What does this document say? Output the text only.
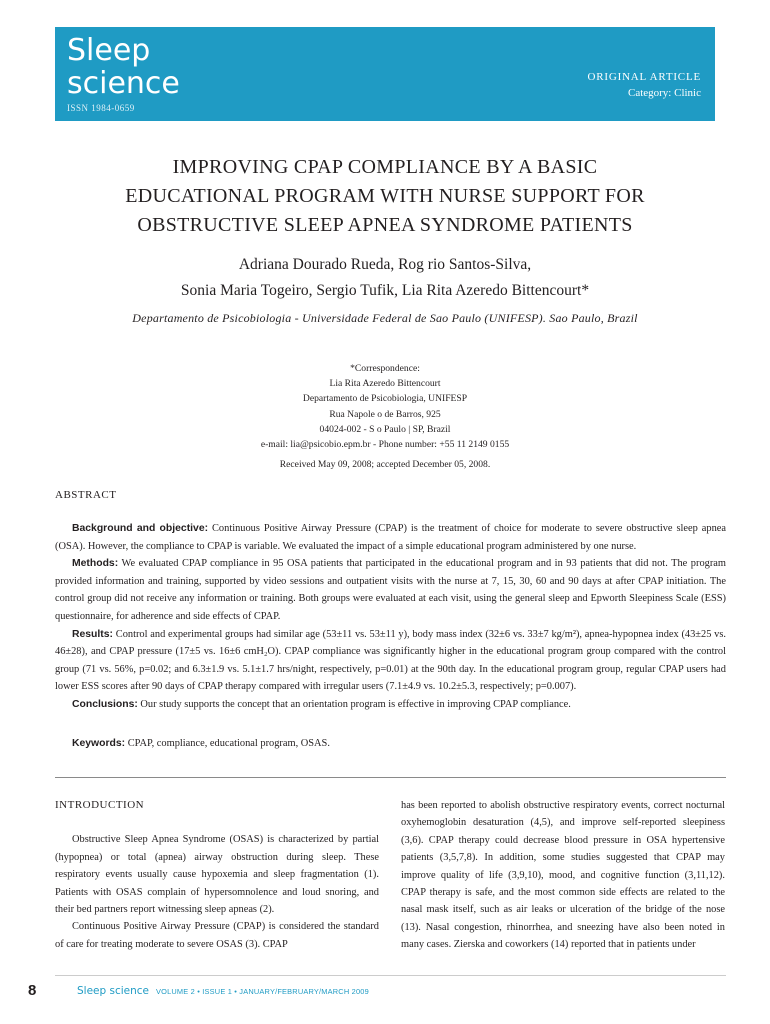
Sleep
science
ISSN 1984-0659
ORIGINAL ARTICLE
Category: Clinic
IMPROVING CPAP COMPLIANCE BY A BASIC
EDUCATIONAL PROGRAM WITH NURSE SUPPORT FOR
OBSTRUCTIVE SLEEP APNEA SYNDROME PATIENTS
Adriana Dourado Rueda, Rog rio Santos-Silva,
Sonia Maria Togeiro, Sergio Tufik, Lia Rita Azeredo Bittencourt*
Departamento de Psicobiologia - Universidade Federal de Sao Paulo (UNIFESP). Sao Paulo, Brazil
*Correspondence:
Lia Rita Azeredo Bittencourt
Departamento de Psicobiologia, UNIFESP
Rua Napole o de Barros, 925
04024-002 - S o Paulo | SP, Brazil
e-mail: lia@psicobio.epm.br - Phone number: +55 11 2149 0155
Received May 09, 2008; accepted December 05, 2008.
ABSTRACT

Background and objective: Continuous Positive Airway Pressure (CPAP) is the treatment of choice for moderate to severe obstructive sleep apnea (OSA). However, the compliance to CPAP is variable. We evaluated the impact of a simple educational program administered by one nurse.

Methods: We evaluated CPAP compliance in 95 OSA patients that participated in the educational program and in 93 patients that did not. The program provided information and training, supported by video sessions and outpatient visits with the nurse at 7, 15, 30, 60 and 90 days at after CPAP initiation. The control group did not receive any information or training. Both groups were evaluated at each visit, using the general sleep and Epworth Sleepiness Scale (ESS) questionnaire, for adherence and side effects of CPAP.

Results: Control and experimental groups had similar age (53±11 vs. 53±11 y), body mass index (32±6 vs. 33±7 kg/m²), apnea-hypopnea index (43±25 vs. 46±28), and CPAP pressure (17±5 vs. 16±6 cmH₂O). CPAP compliance was significantly higher in the educational program group compared with the control group (71 vs. 56%, p=0.02; and 6.3±1.9 vs. 5.1±1.7 hrs/night, respectively, p=0.01) at the 90th day. In the educational program group, regular CPAP users had lower ESS scores after 90 days of CPAP therapy compared with irregular users (7.1±4.9 vs. 10.2±5.3, respectively; p=0.007).

Conclusions: Our study supports the concept that an orientation program is effective in improving CPAP compliance.

Keywords: CPAP, compliance, educational program, OSAS.
INTRODUCTION

Obstructive Sleep Apnea Syndrome (OSAS) is characterized by partial (hypopnea) or total (apnea) airway obstruction during sleep. These respiratory events usually cause hypoxemia and sleep fragmentation (1). Patients with OSAS complain of hypersomnolence and loud snoring, and their bed partners report witnessing sleep apneas (2).

Continuous Positive Airway Pressure (CPAP) is considered the standard of care for treating moderate to severe OSAS (3). CPAP

has been reported to abolish obstructive respiratory events, correct nocturnal oxyhemoglobin desaturation (4,5), and improve self-reported sleepiness (3,6). CPAP therapy could decrease blood pressure in OSA hypertensive patients (3,5,7,8). In addition, some studies suggested that CPAP may improve quality of life (3,9,10), mood, and cognitive function (3,11,12). CPAP therapy is safe, and the most common side effects are related to the nasal mask itself, such as air leaks or ulceration of the bridge of the nose (13). Nasal congestion, rhinorrhea, and sneezing have also been noted in many cases. Zierska and coworkers (14) reported that in patients under

8	Sleep science VOLUME 2 • ISSUE 1 • JANUARY/FEBRUARY/MARCH 2009
